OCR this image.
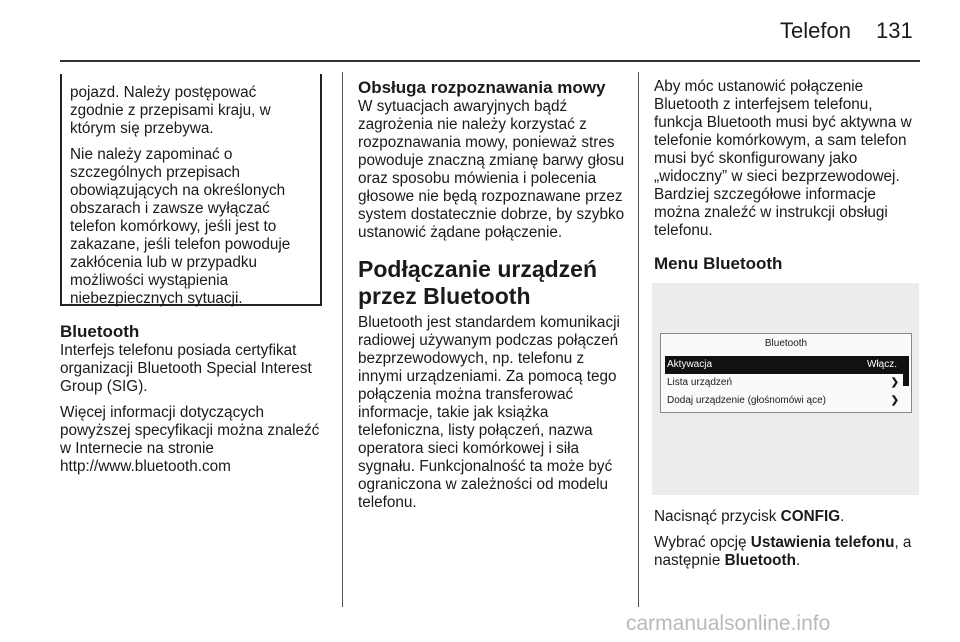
Telefon 131

pojazd. Należy postępować zgodnie z przepisami kraju, w którym się przebywa.

Nie należy zapominać o szczególnych przepisach obowiązujących na określonych obszarach i zawsze wyłączać telefon komórkowy, jeśli jest to zakazane, jeśli telefon powoduje zakłócenia lub w przypadku możliwości wystąpienia niebezpiecznych sytuacji.

Bluetooth

Interfejs telefonu posiada certyfikat organizacji Bluetooth Special Interest Group (SIG).

Więcej informacji dotyczących powyższej specyfikacji można znaleźć w Internecie na stronie http://www.bluetooth.com

Obsługa rozpoznawania mowy

W sytuacjach awaryjnych bądź zagrożenia nie należy korzystać z rozpoznawania mowy, ponieważ stres powoduje znaczną zmianę barwy głosu oraz sposobu mówienia i polecenia głosowe nie będą rozpoznawane przez system dostatecznie dobrze, by szybko ustanowić żądane połączenie.

Podłączanie urządzeń przez Bluetooth

Bluetooth jest standardem komunikacji radiowej używanym podczas połączeń bezprzewodowych, np. telefonu z innymi urządzeniami. Za pomocą tego połączenia można transferować informacje, takie jak książka telefoniczna, listy połączeń, nazwa operatora sieci komórkowej i siła sygnału. Funkcjonalność ta może być ograniczona w zależności od modelu telefonu.

Aby móc ustanowić połączenie Bluetooth z interfejsem telefonu, funkcja Bluetooth musi być aktywna w telefonie komórkowym, a sam telefon musi być skonfigurowany jako „widoczny” w sieci bezprzewodowej. Bardziej szczegółowe informacje można znaleźć w instrukcji obsługi telefonu.

Menu Bluetooth
Bluetooth
Aktywacja	Włącz.
Lista urządzeń	❯
Dodaj urządzenie (głośnomówi ące)	❯

Nacisnąć przycisk CONFIG.

Wybrać opcję Ustawienia telefonu, a następnie Bluetooth.

carmanualsonline.info
